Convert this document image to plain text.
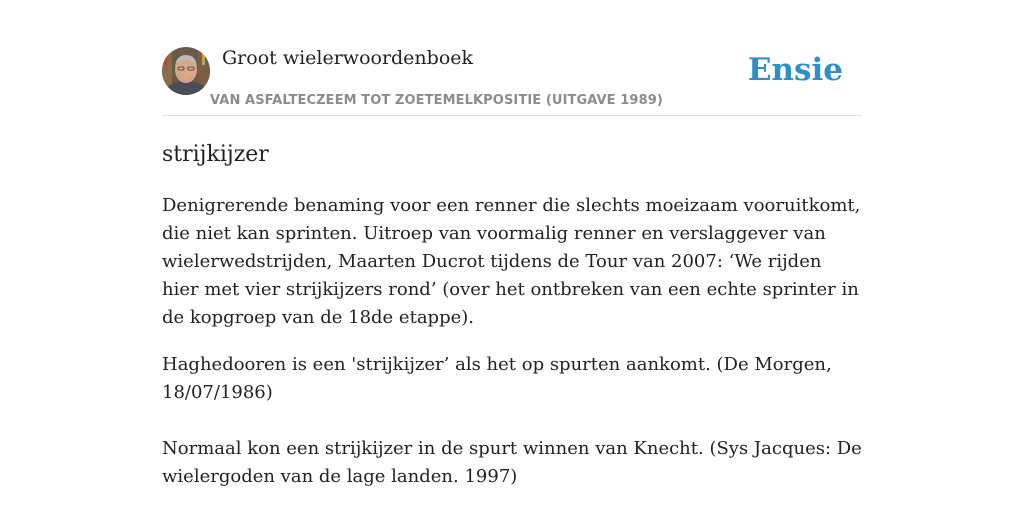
Groot wielerwoordenboek
VAN ASFALTECZEEM TOT ZOETEMELKPOSITIE (UITGAVE 1989)
Ensie
strijkijzer

Denigrerende benaming voor een renner die slechts moeizaam vooruitkomt, die niet kan sprinten. Uitroep van voormalig renner en verslaggever van wielerwedstrijden, Maarten Ducrot tijdens de Tour van 2007: ‘We rijden hier met vier strijkijzers rond’ (over het ontbreken van een echte sprinter in de kopgroep van de 18de etappe).

Haghedooren is een 'strijkijzer’ als het op spurten aankomt. (De Morgen, 18/07/1986)

Normaal kon een strijkijzer in de spurt winnen van Knecht. (Sys Jacques: De wielergoden van de lage landen. 1997)
